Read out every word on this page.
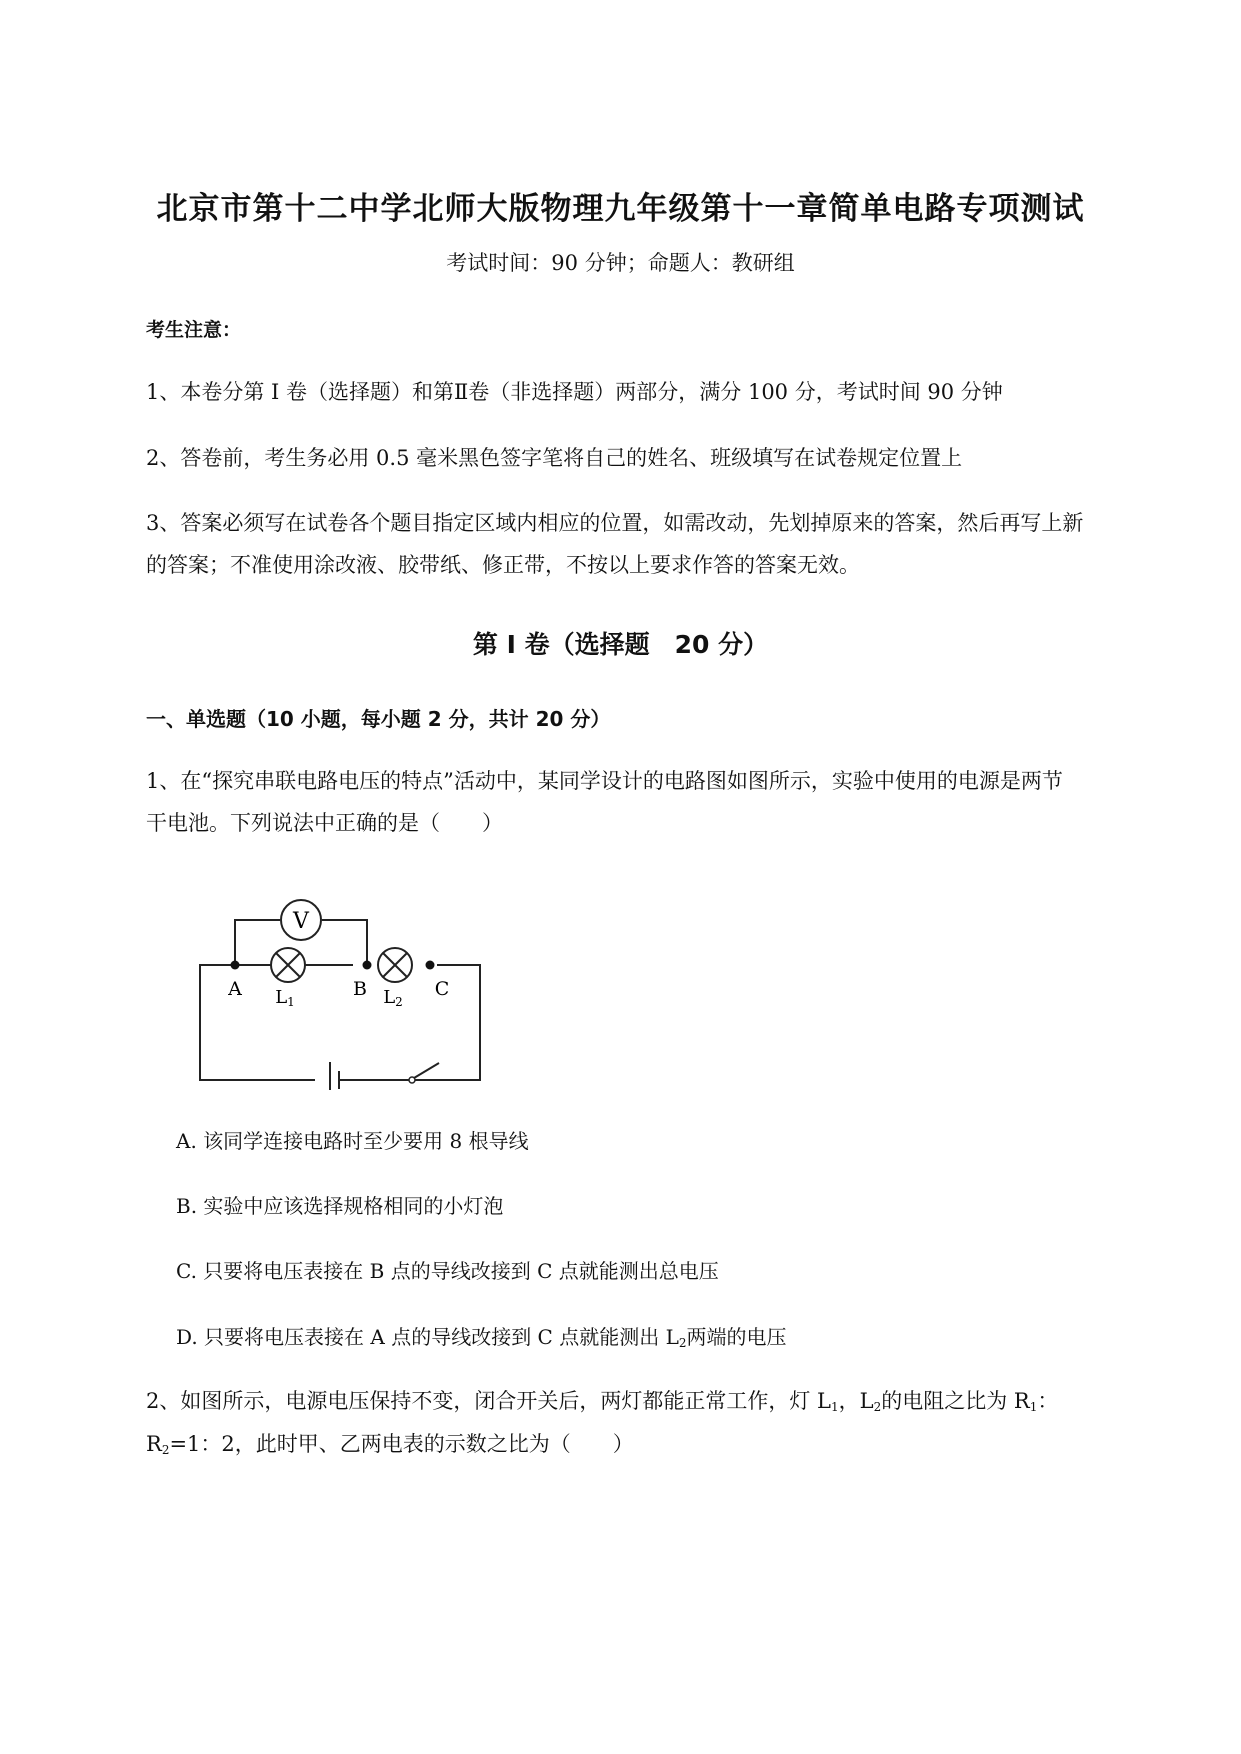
北京市第十二中学北师大版物理九年级第十一章简单电路专项测试
考试时间：90 分钟；命题人：教研组
考生注意：
1、本卷分第 I 卷（选择题）和第Ⅱ卷（非选择题）两部分，满分 100 分，考试时间 90 分钟
2、答卷前，考生务必用 0.5 毫米黑色签字笔将自己的姓名、班级填写在试卷规定位置上
3、答案必须写在试卷各个题目指定区域内相应的位置，如需改动，先划掉原来的答案，然后再写上新
的答案；不准使用涂改液、胶带纸、修正带，不按以上要求作答的答案无效。
第 I 卷（选择题　20 分）
一、单选题（10 小题，每小题 2 分，共计 20 分）
1、在“探究串联电路电压的特点”活动中，某同学设计的电路图如图所示，实验中使用的电源是两节
干电池。下列说法中正确的是（　　）
V
A	B	C
L1	L2
A. 该同学连接电路时至少要用 8 根导线
B. 实验中应该选择规格相同的小灯泡
C. 只要将电压表接在 B 点的导线改接到 C 点就能测出总电压
D. 只要将电压表接在 A 点的导线改接到 C 点就能测出 $L_2$两端的电压
2、如图所示，电源电压保持不变，闭合开关后，两灯都能正常工作，灯 $L_1$，$L_2$的电阻之比为 $R_1$：
$R_2=1$：2，此时甲、乙两电表的示数之比为（　　）
